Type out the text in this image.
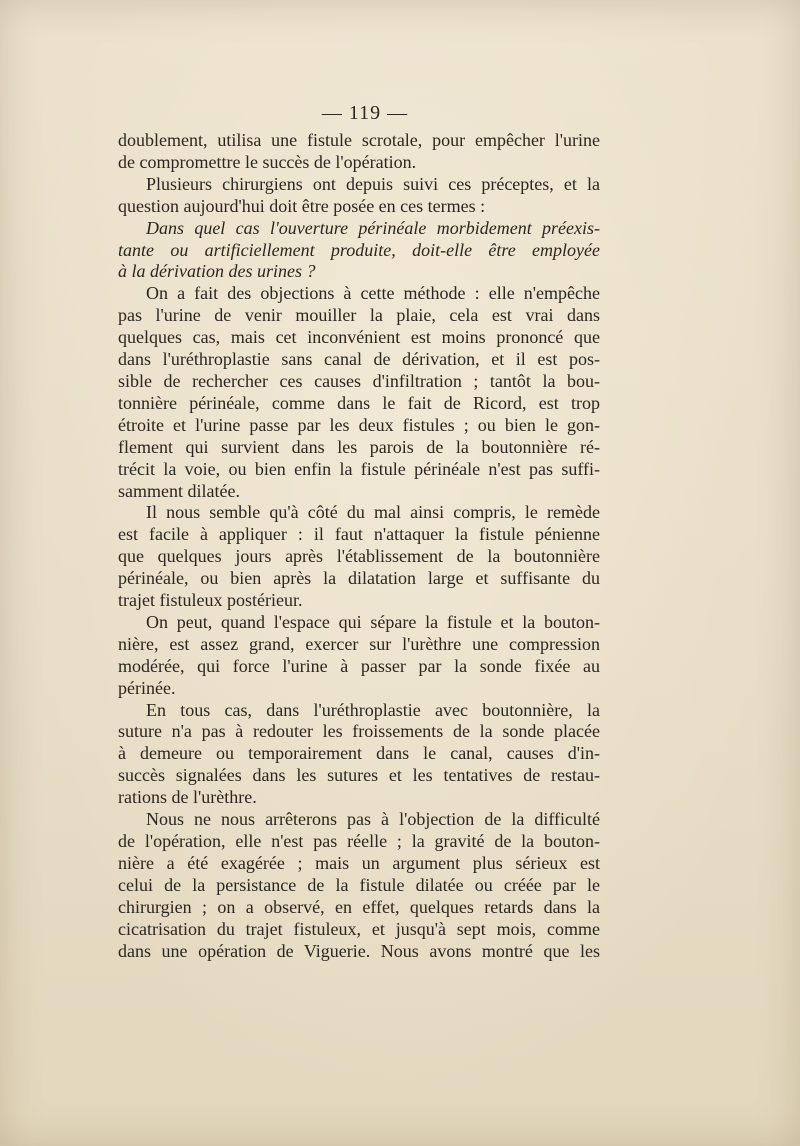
— 119 —
doublement, utilisa une fistule scrotale, pour empêcher l'urine
de compromettre le succès de l'opération.
Plusieurs chirurgiens ont depuis suivi ces préceptes, et la
question aujourd'hui doit être posée en ces termes :
Dans quel cas l'ouverture périnéale morbidement préexis-
tante ou artificiellement produite, doit-elle être employée
à la dérivation des urines ?
On a fait des objections à cette méthode : elle n'empêche
pas l'urine de venir mouiller la plaie, cela est vrai dans
quelques cas, mais cet inconvénient est moins prononcé que
dans l'uréthroplastie sans canal de dérivation, et il est pos-
sible de rechercher ces causes d'infiltration ; tantôt la bou-
tonnière périnéale, comme dans le fait de Ricord, est trop
étroite et l'urine passe par les deux fistules ; ou bien le gon-
flement qui survient dans les parois de la boutonnière ré-
trécit la voie, ou bien enfin la fistule périnéale n'est pas suffi-
samment dilatée.
Il nous semble qu'à côté du mal ainsi compris, le remède
est facile à appliquer : il faut n'attaquer la fistule pénienne
que quelques jours après l'établissement de la boutonnière
périnéale, ou bien après la dilatation large et suffisante du
trajet fistuleux postérieur.
On peut, quand l'espace qui sépare la fistule et la bouton-
nière, est assez grand, exercer sur l'urèthre une compression
modérée, qui force l'urine à passer par la sonde fixée au
périnée.
En tous cas, dans l'uréthroplastie avec boutonnière, la
suture n'a pas à redouter les froissements de la sonde placée
à demeure ou temporairement dans le canal, causes d'in-
succès signalées dans les sutures et les tentatives de restau-
rations de l'urèthre.
Nous ne nous arrêterons pas à l'objection de la difficulté
de l'opération, elle n'est pas réelle ; la gravité de la bouton-
nière a été exagérée ; mais un argument plus sérieux est
celui de la persistance de la fistule dilatée ou créée par le
chirurgien ; on a observé, en effet, quelques retards dans la
cicatrisation du trajet fistuleux, et jusqu'à sept mois, comme
dans une opération de Viguerie. Nous avons montré que les
